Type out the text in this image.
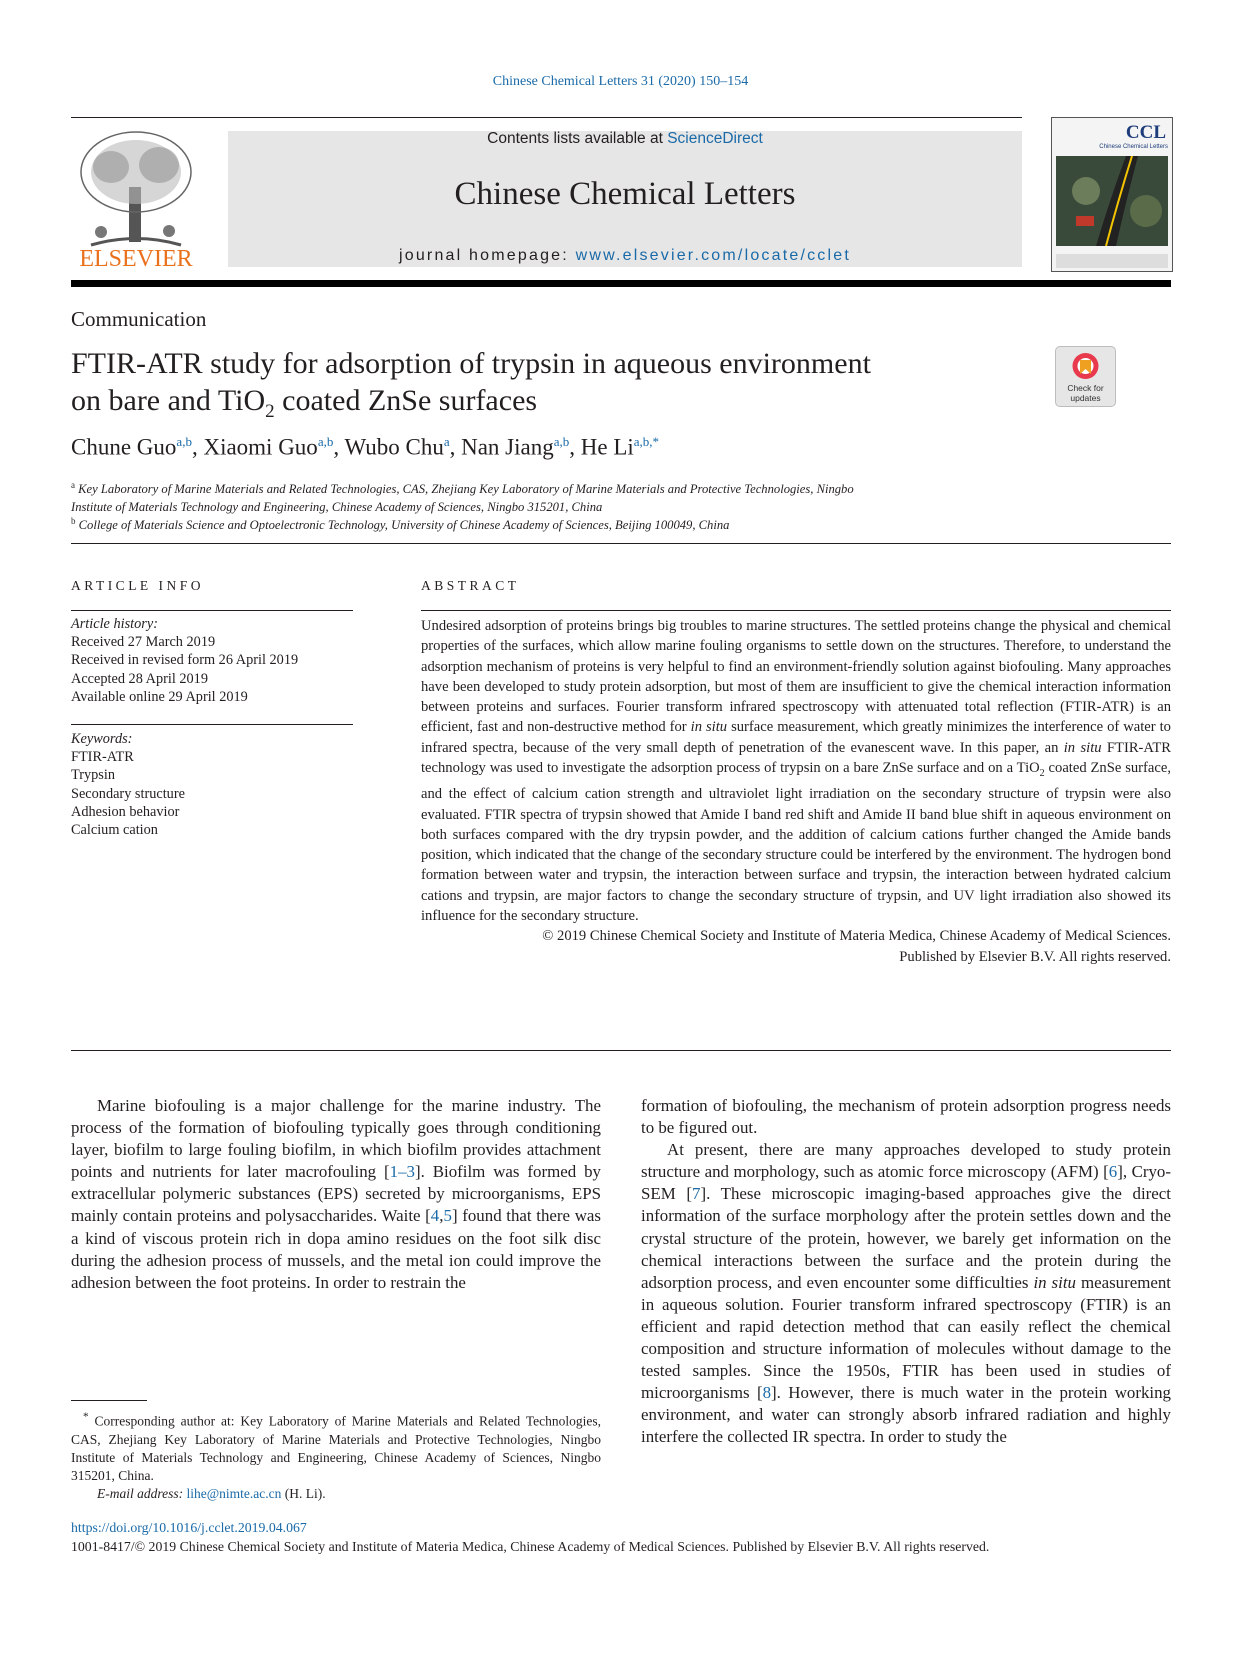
Chinese Chemical Letters 31 (2020) 150–154
ELSEVIER
Contents lists available at ScienceDirect
Chinese Chemical Letters
journal homepage: www.elsevier.com/locate/cclet
CCL
Chinese Chemical Letters
Communication
FTIR-ATR study for adsorption of trypsin in aqueous environment
on bare and TiO$_2$ coated ZnSe surfaces	Check for updates
Chune Guo$^{a,b}$, Xiaomi Guo$^{a,b}$, Wubo Chu$^a$, Nan Jiang$^{a,b}$, He $Li^{a,b,*}$
$^a$ Key Laboratory of Marine Materials and Related Technologies, CAS, Zhejiang Key Laboratory of Marine Materials and Protective Technologies, Ningbo
Institute of Materials Technology and Engineering, Chinese Academy of Sciences, Ningbo 315201, China
$^b$ College of Materials Science and Optoelectronic Technology, University of Chinese Academy of Sciences, Beijing 100049, China
ARTICLE INFO
Article history:
Received 27 March 2019
Received in revised form 26 April 2019
Accepted 28 April 2019
Available online 29 April 2019
Keywords:
FTIR-ATR
Trypsin
Secondary structure
Adhesion behavior
Calcium cation
ABSTRACT
Undesired adsorption of proteins brings big troubles to marine structures. The settled proteins change the physical and chemical properties of the surfaces, which allow marine fouling organisms to settle down on the structures. Therefore, to understand the adsorption mechanism of proteins is very helpful to find an environment-friendly solution against biofouling. Many approaches have been developed to study protein adsorption, but most of them are insufficient to give the chemical interaction information between proteins and surfaces. Fourier transform infrared spectroscopy with attenuated total reflection (FTIR-ATR) is an efficient, fast and non-destructive method for in situ surface measurement, which greatly minimizes the interference of water to infrared spectra, because of the very small depth of penetration of the evanescent wave. In this paper, an in situ FTIR-ATR technology was used to investigate the adsorption process of trypsin on a bare ZnSe surface and on a TiO$_2$ coated ZnSe surface, and the effect of calcium cation strength and ultraviolet light irradiation on the secondary structure of trypsin were also evaluated. FTIR spectra of trypsin showed that Amide I band red shift and Amide II band blue shift in aqueous environment on both surfaces compared with the dry trypsin powder, and the addition of calcium cations further changed the Amide bands position, which indicated that the change of the secondary structure could be interfered by the environment. The hydrogen bond formation between water and trypsin, the interaction between surface and trypsin, the interaction between hydrated calcium cations and trypsin, are major factors to change the secondary structure of trypsin, and UV light irradiation also showed its influence for the secondary structure.
© 2019 Chinese Chemical Society and Institute of Materia Medica, Chinese Academy of Medical Sciences.
Published by Elsevier B.V. All rights reserved.

Marine biofouling is a major challenge for the marine industry. The process of the formation of biofouling typically goes through conditioning layer, biofilm to large fouling biofilm, in which biofilm provides attachment points and nutrients for later macrofouling [1–3]. Biofilm was formed by extracellular polymeric substances (EPS) secreted by microorganisms, EPS mainly contain proteins and polysaccharides. Waite [4,5] found that there was a kind of viscous protein rich in dopa amino residues on the foot silk disc during the adhesion process of mussels, and the metal ion could improve the adhesion between the foot proteins. In order to restrain the

* Corresponding author at: Key Laboratory of Marine Materials and Related Technologies, CAS, Zhejiang Key Laboratory of Marine Materials and Protective Technologies, Ningbo Institute of Materials Technology and Engineering, Chinese Academy of Sciences, Ningbo 315201, China.
E-mail address: lihe@nimte.ac.cn (H. Li).
formation of biofouling, the mechanism of protein adsorption progress needs to be figured out.

At present, there are many approaches developed to study protein structure and morphology, such as atomic force microscopy (AFM) [6], Cryo-SEM [7]. These microscopic imaging-based approaches give the direct information of the surface morphology after the protein settles down and the crystal structure of the protein, however, we barely get information on the chemical interactions between the surface and the protein during the adsorption process, and even encounter some difficulties in situ measurement in aqueous solution. Fourier transform infrared spectroscopy (FTIR) is an efficient and rapid detection method that can easily reflect the chemical composition and structure information of molecules without damage to the tested samples. Since the 1950s, FTIR has been used in studies of microorganisms [8]. However, there is much water in the protein working environment, and water can strongly absorb infrared radiation and highly interfere the collected IR spectra. In order to study the

https://doi.org/10.1016/j.cclet.2019.04.067
1001-8417/© 2019 Chinese Chemical Society and Institute of Materia Medica, Chinese Academy of Medical Sciences. Published by Elsevier B.V. All rights reserved.
